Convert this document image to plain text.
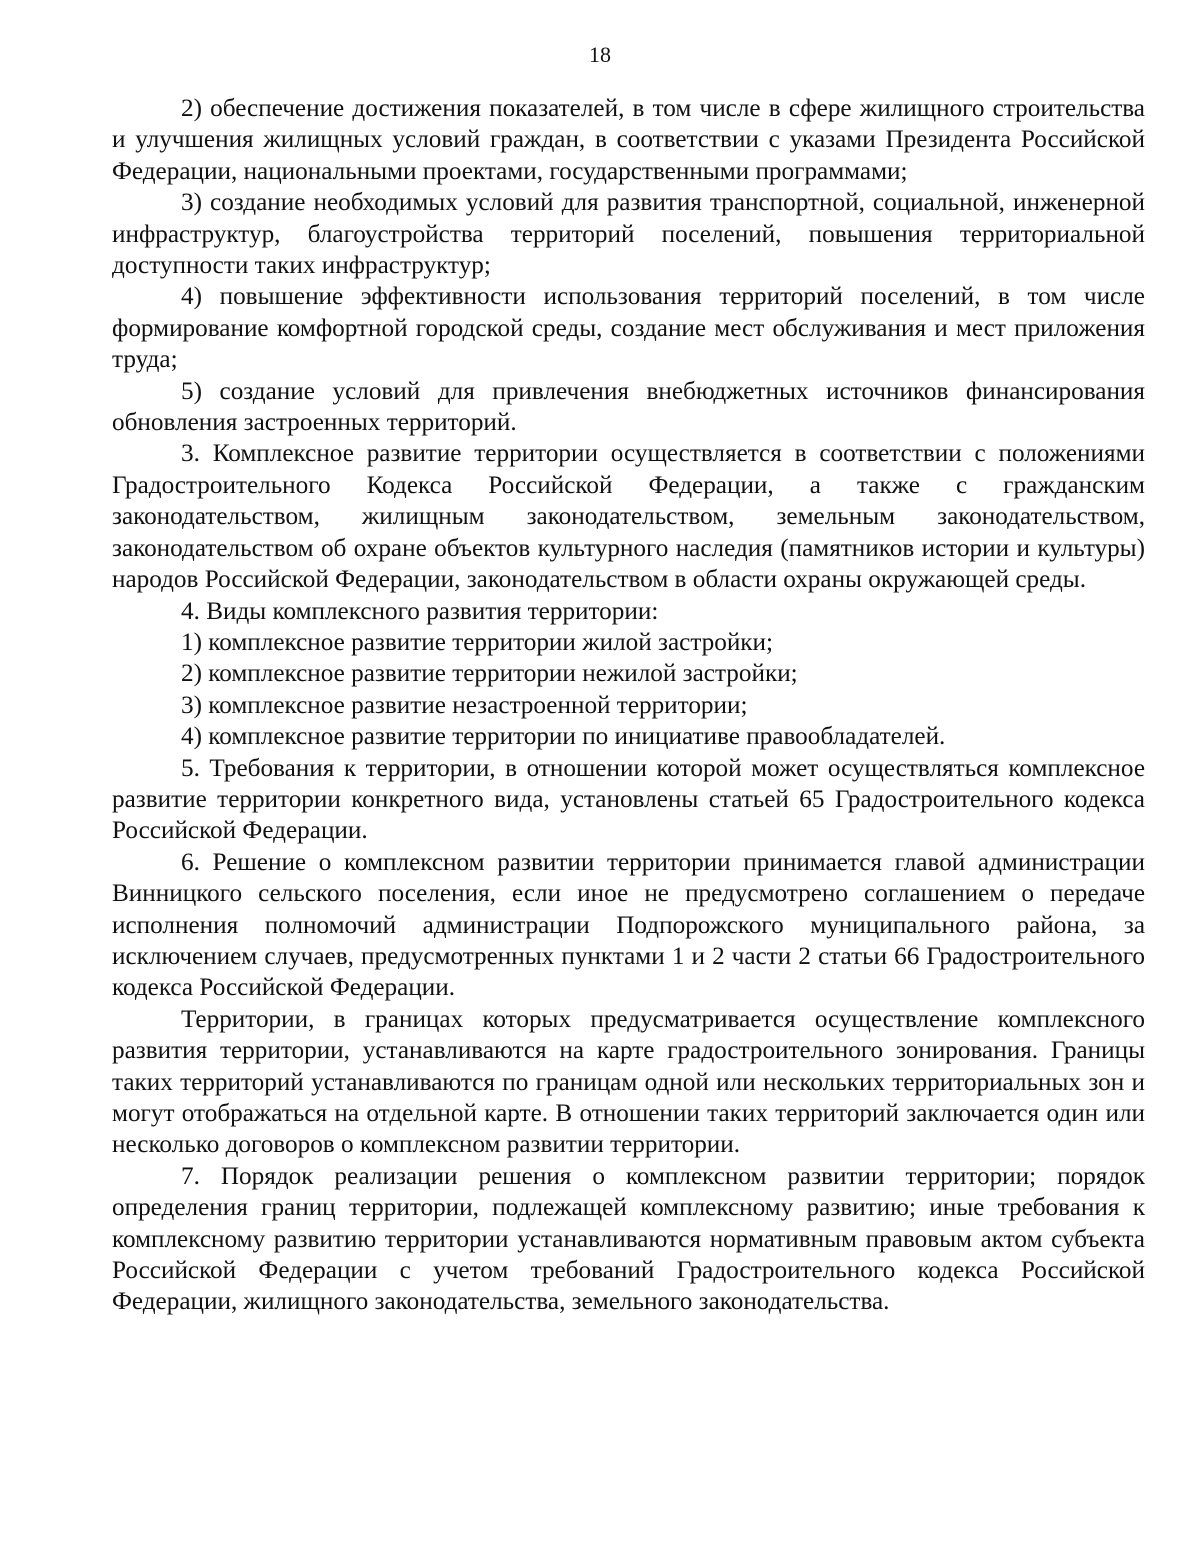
18

2) обеспечение достижения показателей, в том числе в сфере жилищного строительства и улучшения жилищных условий граждан, в соответствии с указами Президента Российской Федерации, национальными проектами, государственными программами;

3) создание необходимых условий для развития транспортной, социальной, инженерной инфраструктур, благоустройства территорий поселений, повышения территориальной доступности таких инфраструктур;

4) повышение эффективности использования территорий поселений, в том числе формирование комфортной городской среды, создание мест обслуживания и мест приложения труда;

5) создание условий для привлечения внебюджетных источников финансирования обновления застроенных территорий.

3. Комплексное развитие территории осуществляется в соответствии с положениями Градостроительного Кодекса Российской Федерации, а также с гражданским законодательством, жилищным законодательством, земельным законодательством, законодательством об охране объектов культурного наследия (памятников истории и культуры) народов Российской Федерации, законодательством в области охраны окружающей среды.

4. Виды комплексного развития территории:

1) комплексное развитие территории жилой застройки;

2) комплексное развитие территории нежилой застройки;

3) комплексное развитие незастроенной территории;

4) комплексное развитие территории по инициативе правообладателей.

5. Требования к территории, в отношении которой может осуществляться комплексное развитие территории конкретного вида, установлены статьей 65 Градостроительного кодекса Российской Федерации.

6. Решение о комплексном развитии территории принимается главой администрации Винницкого сельского поселения, если иное не предусмотрено соглашением о передаче исполнения полномочий администрации Подпорожского муниципального района, за исключением случаев, предусмотренных пунктами 1 и 2 части 2 статьи 66 Градостроительного кодекса Российской Федерации.

Территории, в границах которых предусматривается осуществление комплексного развития территории, устанавливаются на карте градостроительного зонирования. Границы таких территорий устанавливаются по границам одной или нескольких территориальных зон и могут отображаться на отдельной карте. В отношении таких территорий заключается один или несколько договоров о комплексном развитии территории.

7. Порядок реализации решения о комплексном развитии территории; порядок определения границ территории, подлежащей комплексному развитию; иные требования к комплексному развитию территории устанавливаются нормативным правовым актом субъекта Российской Федерации с учетом требований Градостроительного кодекса Российской Федерации, жилищного законодательства, земельного законодательства.
